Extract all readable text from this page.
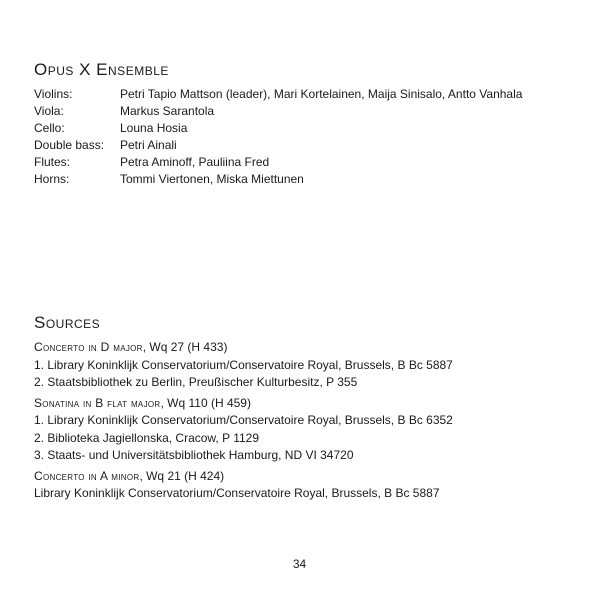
Opus X Ensemble
Violins:	Petri Tapio Mattson (leader), Mari Kortelainen, Maija Sinisalo, Antto Vanhala
Viola:	Markus Sarantola
Cello:	Louna Hosia
Double bass:	Petri Ainali
Flutes:	Petra Aminoff, Pauliina Fred
Horns:	Tommi Viertonen, Miska Miettunen
Sources
Concerto in D major, Wq 27 (H 433)
1. Library Koninklijk Conservatorium/Conservatoire Royal, Brussels, B Bc 5887
2. Staatsbibliothek zu Berlin, Preußischer Kulturbesitz, P 355
Sonatina in B flat major, Wq 110 (H 459)
1. Library Koninklijk Conservatorium/Conservatoire Royal, Brussels, B Bc 6352
2. Biblioteka Jagiellonska, Cracow, P 1129
3. Staats- und Universitätsbibliothek Hamburg, ND VI 34720
Concerto in A minor, Wq 21 (H 424)
Library Koninklijk Conservatorium/Conservatoire Royal, Brussels, B Bc 5887
34
